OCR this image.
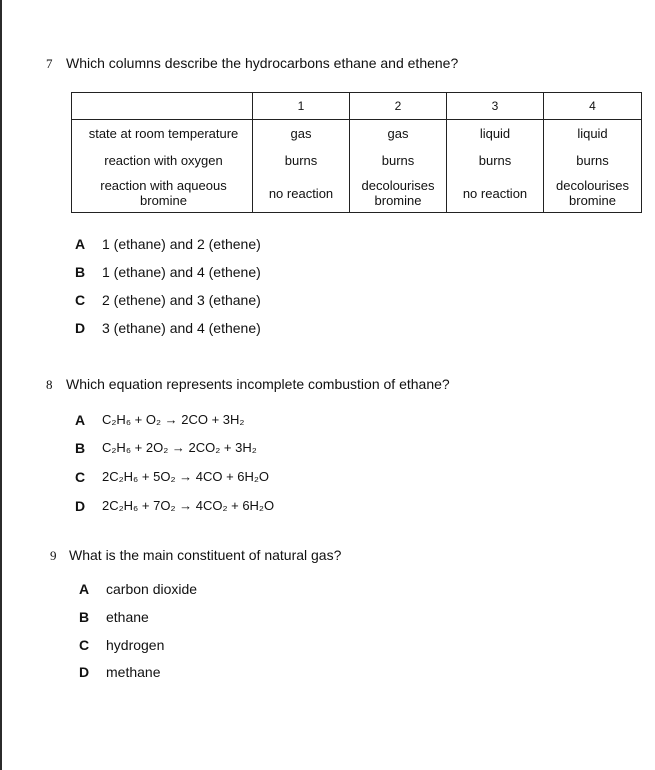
7 Which columns describe the hydrocarbons ethane and ethene?
	1	2	3	4
state at room temperature	gas	gas	liquid	liquid
reaction with oxygen	burns	burns	burns	burns

reaction with aqueous
bromine	no reaction	decolourises bromine	no reaction	decolourises bromine
A 1 (ethane) and 2 (ethene)
B 1 (ethane) and 4 (ethene)
C 2 (ethene) and 3 (ethane)
D 3 (ethane) and 4 (ethene)
8 Which equation represents incomplete combustion of ethane?
A C₂H₆ + O₂ → 2CO + 3H₂
B C₂H₆ + 2O₂ → 2CO₂ + 3H₂
C 2C₂H₆ + 5O₂ → 4CO + 6H₂O
D 2C₂H₆ + 7O₂ → 4CO₂ + 6H₂O
9 What is the main constituent of natural gas?
A carbon dioxide
B ethane
C hydrogen
D methane
